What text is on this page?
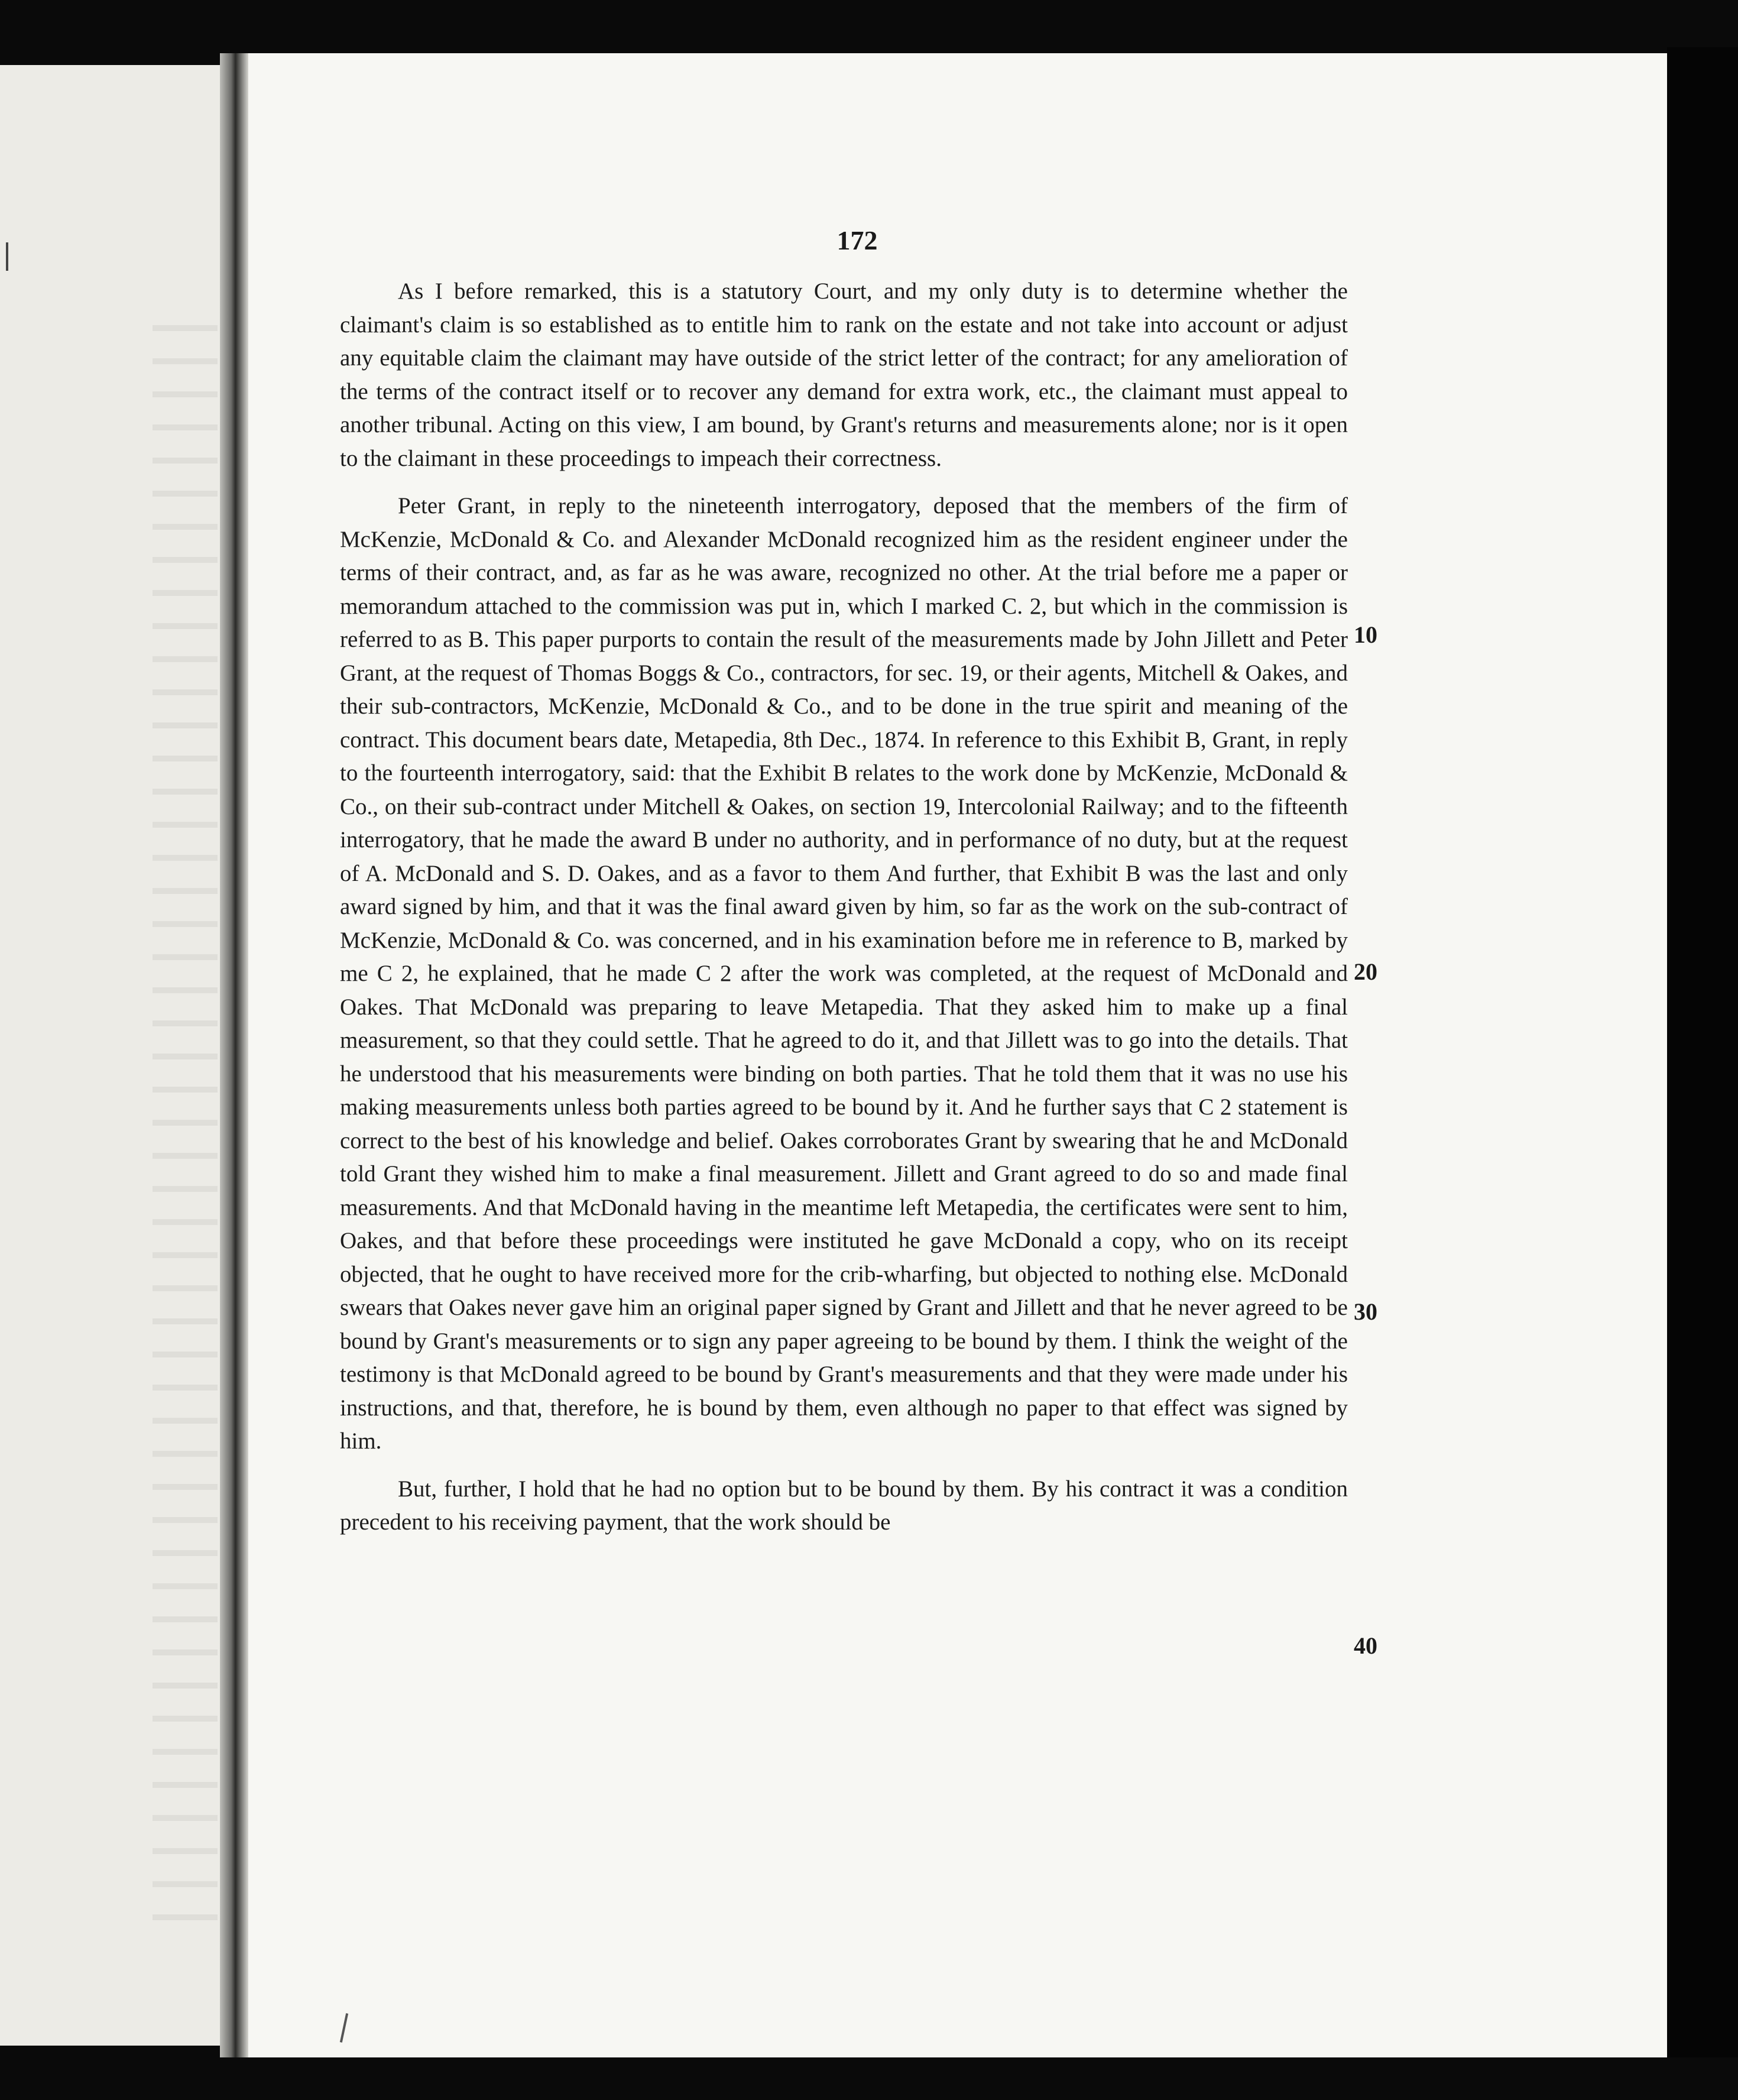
172

As I before remarked, this is a statutory Court, and my only duty is to determine whether the claimant's claim is so established as to entitle him to rank on the estate and not take into account or adjust any equitable claim the claimant may have outside of the strict letter of the contract; for any amelioration of the terms of the contract itself or to recover any demand for extra work, etc., the claimant must appeal to another tribunal. Acting on this view, I am bound, by Grant's returns and measurements alone; nor is it open to the claimant in these proceedings to impeach their correctness.

Peter Grant, in reply to the nineteenth interrogatory, deposed that the members of the firm of McKenzie, McDonald & Co. and Alexander McDonald recognized him as the resident engineer under the terms of their contract, and, as far as he was aware, recognized no other. At the trial before me a paper or memorandum attached to the commission was put in, which I marked C. 2, but which in the commission is referred to as B. This paper purports to contain the result of the measurements made by John Jillett and Peter Grant, at the request of Thomas Boggs & Co., contractors, for sec. 19, or their agents, Mitchell & Oakes, and their sub-contractors, McKenzie, McDonald & Co., and to be done in the true spirit and meaning of the contract. This document bears date, Metapedia, 8th Dec., 1874. In reference to this Exhibit B, Grant, in reply to the fourteenth interrogatory, said: that the Exhibit B relates to the work done by McKenzie, McDonald & Co., on their sub-contract under Mitchell & Oakes, on section 19, Intercolonial Railway; and to the fifteenth interrogatory, that he made the award B under no authority, and in performance of no duty, but at the request of A. McDonald and S. D. Oakes, and as a favor to them And further, that Exhibit B was the last and only award signed by him, and that it was the final award given by him, so far as the work on the sub-contract of McKenzie, McDonald & Co. was concerned, and in his examination before me in reference to B, marked by me C 2, he explained, that he made C 2 after the work was completed, at the request of McDonald and Oakes. That McDonald was preparing to leave Metapedia. That they asked him to make up a final measurement, so that they could settle. That he agreed to do it, and that Jillett was to go into the details. That he understood that his measurements were binding on both parties. That he told them that it was no use his making measurements unless both parties agreed to be bound by it. And he further says that C 2 statement is correct to the best of his knowledge and belief. Oakes corroborates Grant by swearing that he and McDonald told Grant they wished him to make a final measurement. Jillett and Grant agreed to do so and made final measurements. And that McDonald having in the meantime left Metapedia, the certificates were sent to him, Oakes, and that before these proceedings were instituted he gave McDonald a copy, who on its receipt objected, that he ought to have received more for the crib-wharfing, but objected to nothing else. McDonald swears that Oakes never gave him an original paper signed by Grant and Jillett and that he never agreed to be bound by Grant's measurements or to sign any paper agreeing to be bound by them. I think the weight of the testimony is that McDonald agreed to be bound by Grant's measurements and that they were made under his instructions, and that, therefore, he is bound by them, even although no paper to that effect was signed by him.

But, further, I hold that he had no option but to be bound by them. By his contract it was a condition precedent to his receiving payment, that the work should be

10
20
30
40
